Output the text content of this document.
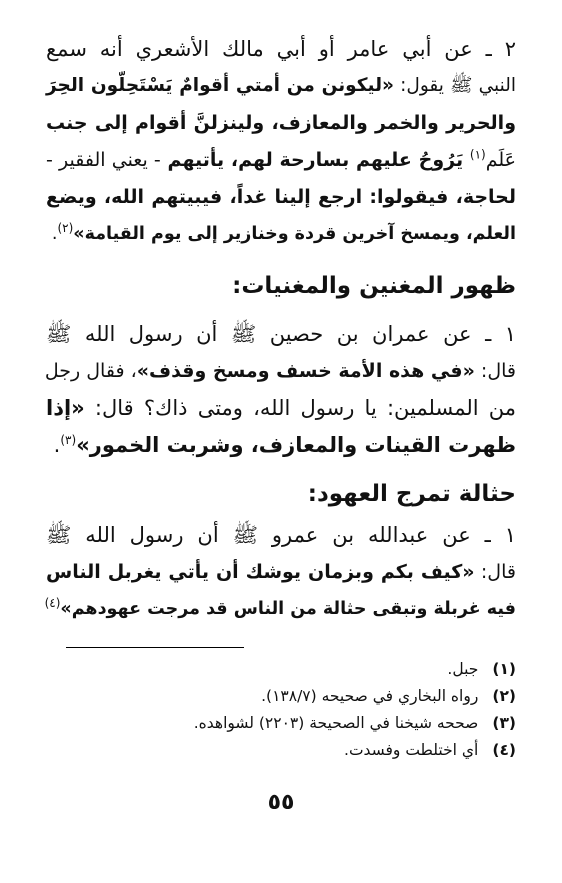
٢ ـ عن أبي عامر أو أبي مالك الأشعري أنه سمع
النبي ﷺ يقول: «ليكونن من أمتي أقوامٌ يَسْتَحِلّون الحِرَ
والحرير والخمر والمعازف، ولينزلنَّ أقوام إلى جنب
عَلَم$^{(١)}$ يَرُوحُ عليهم بسارحة لهم، يأتيهم - يعني الفقير -
لحاجة، فيقولوا: ارجع إلينا غداً، فيبيتهم الله، ويضع
العلم، ويمسخ آخرين قردة وخنازير إلى يوم القيامة»$^{(٢)}$.
ظهور المغنين والمغنيات:
١ ـ عن عمران بن حصين ﷺ أن رسول الله ﷺ
قال: «في هذه الأمة خسف ومسخ وقذف»، فقال رجل
من المسلمين: يا رسول الله، ومتى ذاك؟ قال: «إذا
ظهرت القينات والمعازف، وشربت الخمور»$^{(٣)}$.
حثالة تمرج العهود:
١ ـ عن عبدالله بن عمرو ﷺ أن رسول الله ﷺ
قال: «كيف بكم وبزمان يوشك أن يأتي يغربل الناس
فيه غربلة وتبقى حثالة من الناس قد مرجت عهودهم»$^{(٤)}$
(١)جبل.
(٢)رواه البخاري في صحيحه (١٣٨/٧).
(٣)صححه شيخنا في الصحيحة (٢٢٠٣) لشواهده.
(٤)أي اختلطت وفسدت.
٥٥
